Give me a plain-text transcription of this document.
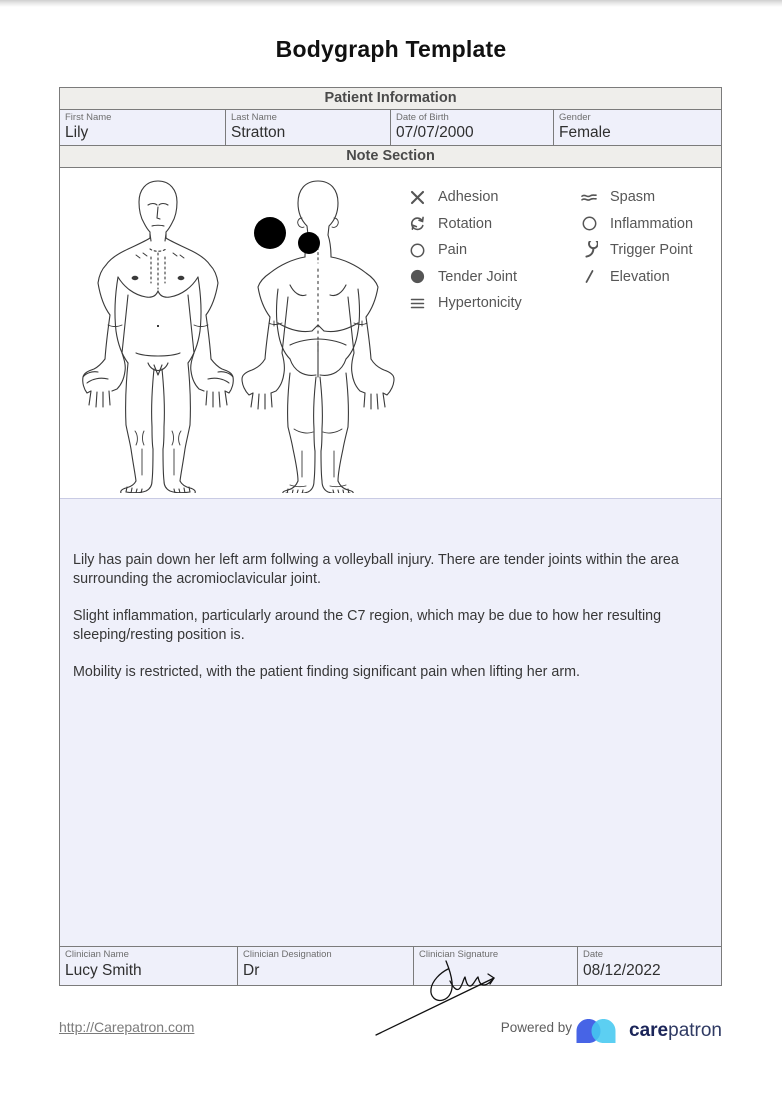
Bodygraph Template
Patient Information
First Name
Lily
Last Name
Stratton
Date of Birth
07/07/2000
Gender
Female
Note Section
Adhesion
Rotation
Pain
Tender Joint
Hypertonicity
Spasm
Inflammation
Trigger Point
Elevation

Lily has pain down her left arm follwing a volleyball injury. There are tender joints within the area surrounding the acromioclavicular joint.

Slight inflammation, particularly around the C7 region, which may be due to how her resulting sleeping/resting position is.

Mobility is restricted, with the patient finding significant pain when lifting her arm.

Clinician Name
Lucy Smith
Clinician Designation
Dr
Clinician Signature
	Date
08/12/2022
http://Carepatron.com	Powered by	carepatron
